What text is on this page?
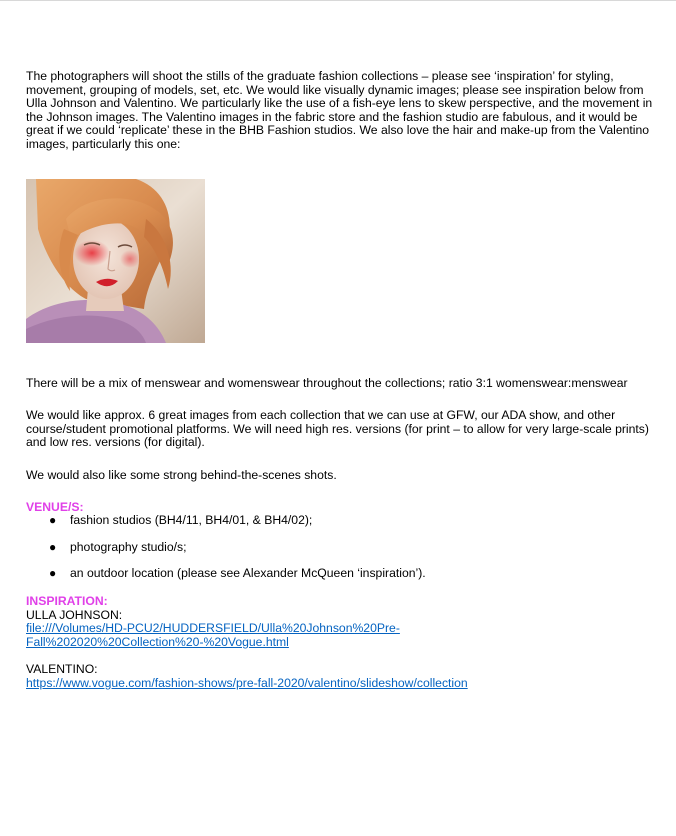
The photographers will shoot the stills of the graduate fashion collections – please see ‘inspiration’ for styling, movement, grouping of models, set, etc. We would like visually dynamic images; please see inspiration below from Ulla Johnson and Valentino. We particularly like the use of a fish-eye lens to skew perspective, and the movement in the Johnson images. The Valentino images in the fabric store and the fashion studio are fabulous, and it would be great if we could ‘replicate’ these in the BHB Fashion studios. We also love the hair and make-up from the Valentino images, particularly this one:

There will be a mix of menswear and womenswear throughout the collections; ratio 3:1 womenswear:menswear

We would like approx. 6 great images from each collection that we can use at GFW, our ADA show, and other course/student promotional platforms. We will need high res. versions (for print – to allow for very large-scale prints) and low res. versions (for digital).

We would also like some strong behind-the-scenes shots.

VENUE/S:

● fashion studios (BH4/11, BH4/01, & BH4/02);
● photography studio/s;
● an outdoor location (please see Alexander McQueen ‘inspiration’).

INSPIRATION:

ULLA JOHNSON:

file:///Volumes/HD-PCU2/HUDDERSFIELD/Ulla%20Johnson%20Pre-
Fall%202020%20Collection%20-%20Vogue.html

VALENTINO:

https://www.vogue.com/fashion-shows/pre-fall-2020/valentino/slideshow/collection
